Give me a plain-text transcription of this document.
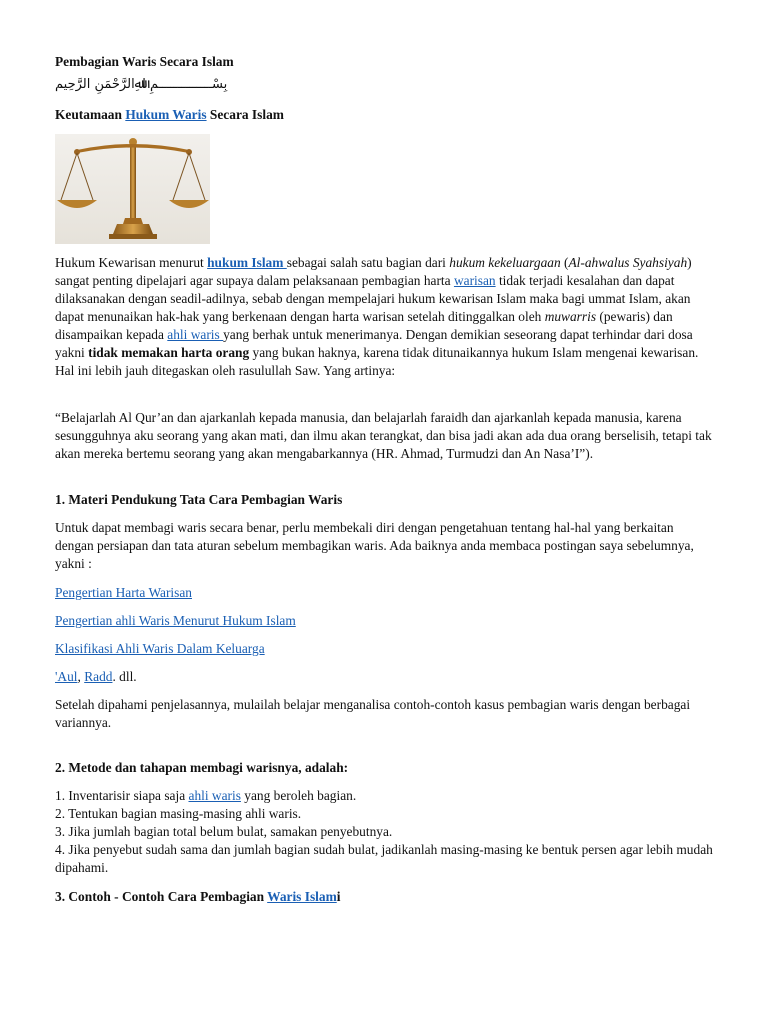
Pembagian Waris Secara Islam

بِسْــــــــــــــمِ اﷲِالرَّحْمَنِ الرَّحِيم

Keutamaan Hukum Waris Secara Islam

Hukum Kewarisan menurut hukum Islam sebagai salah satu bagian dari hukum kekeluargaan (Al-ahwalus Syahsiyah) sangat penting dipelajari agar supaya dalam pelaksanaan pembagian harta warisan tidak terjadi kesalahan dan dapat dilaksanakan dengan seadil-adilnya, sebab dengan mempelajari hukum kewarisan Islam maka bagi ummat Islam, akan dapat menunaikan hak-hak yang berkenaan dengan harta warisan setelah ditinggalkan oleh muwarris (pewaris) dan disampaikan kepada ahli waris yang berhak untuk menerimanya. Dengan demikian seseorang dapat terhindar dari dosa yakni tidak memakan harta orang yang bukan haknya, karena tidak ditunaikannya hukum Islam mengenai kewarisan. Hal ini lebih jauh ditegaskan oleh rasulullah Saw. Yang artinya:

“Belajarlah Al Qur’an dan ajarkanlah kepada manusia, dan belajarlah faraidh dan ajarkanlah kepada manusia, karena sesungguhnya aku seorang yang akan mati, dan ilmu akan terangkat, dan bisa jadi akan ada dua orang berselisih, tetapi tak akan mereka bertemu seorang yang akan mengabarkannya (HR. Ahmad, Turmudzi dan An Nasa’I”).

1. Materi Pendukung Tata Cara Pembagian Waris

Untuk dapat membagi waris secara benar, perlu membekali diri dengan pengetahuan tentang hal-hal yang berkaitan dengan persiapan dan tata aturan sebelum membagikan waris. Ada baiknya anda membaca postingan saya sebelumnya, yakni :

Pengertian Harta Warisan

Pengertian ahli Waris Menurut Hukum Islam

Klasifikasi Ahli Waris Dalam Keluarga

'Aul, Radd. dll.

Setelah dipahami penjelasannya, mulailah belajar menganalisa contoh-contoh kasus pembagian waris dengan berbagai variannya.

2. Metode dan tahapan membagi warisnya, adalah:

1. Inventarisir siapa saja ahli waris yang beroleh bagian.
2. Tentukan bagian masing-masing ahli waris.
3. Jika jumlah bagian total belum bulat, samakan penyebutnya.
4. Jika penyebut sudah sama dan jumlah bagian sudah bulat, jadikanlah masing-masing ke bentuk persen agar lebih mudah dipahami.

3. Contoh - Contoh Cara Pembagian Waris Islami
